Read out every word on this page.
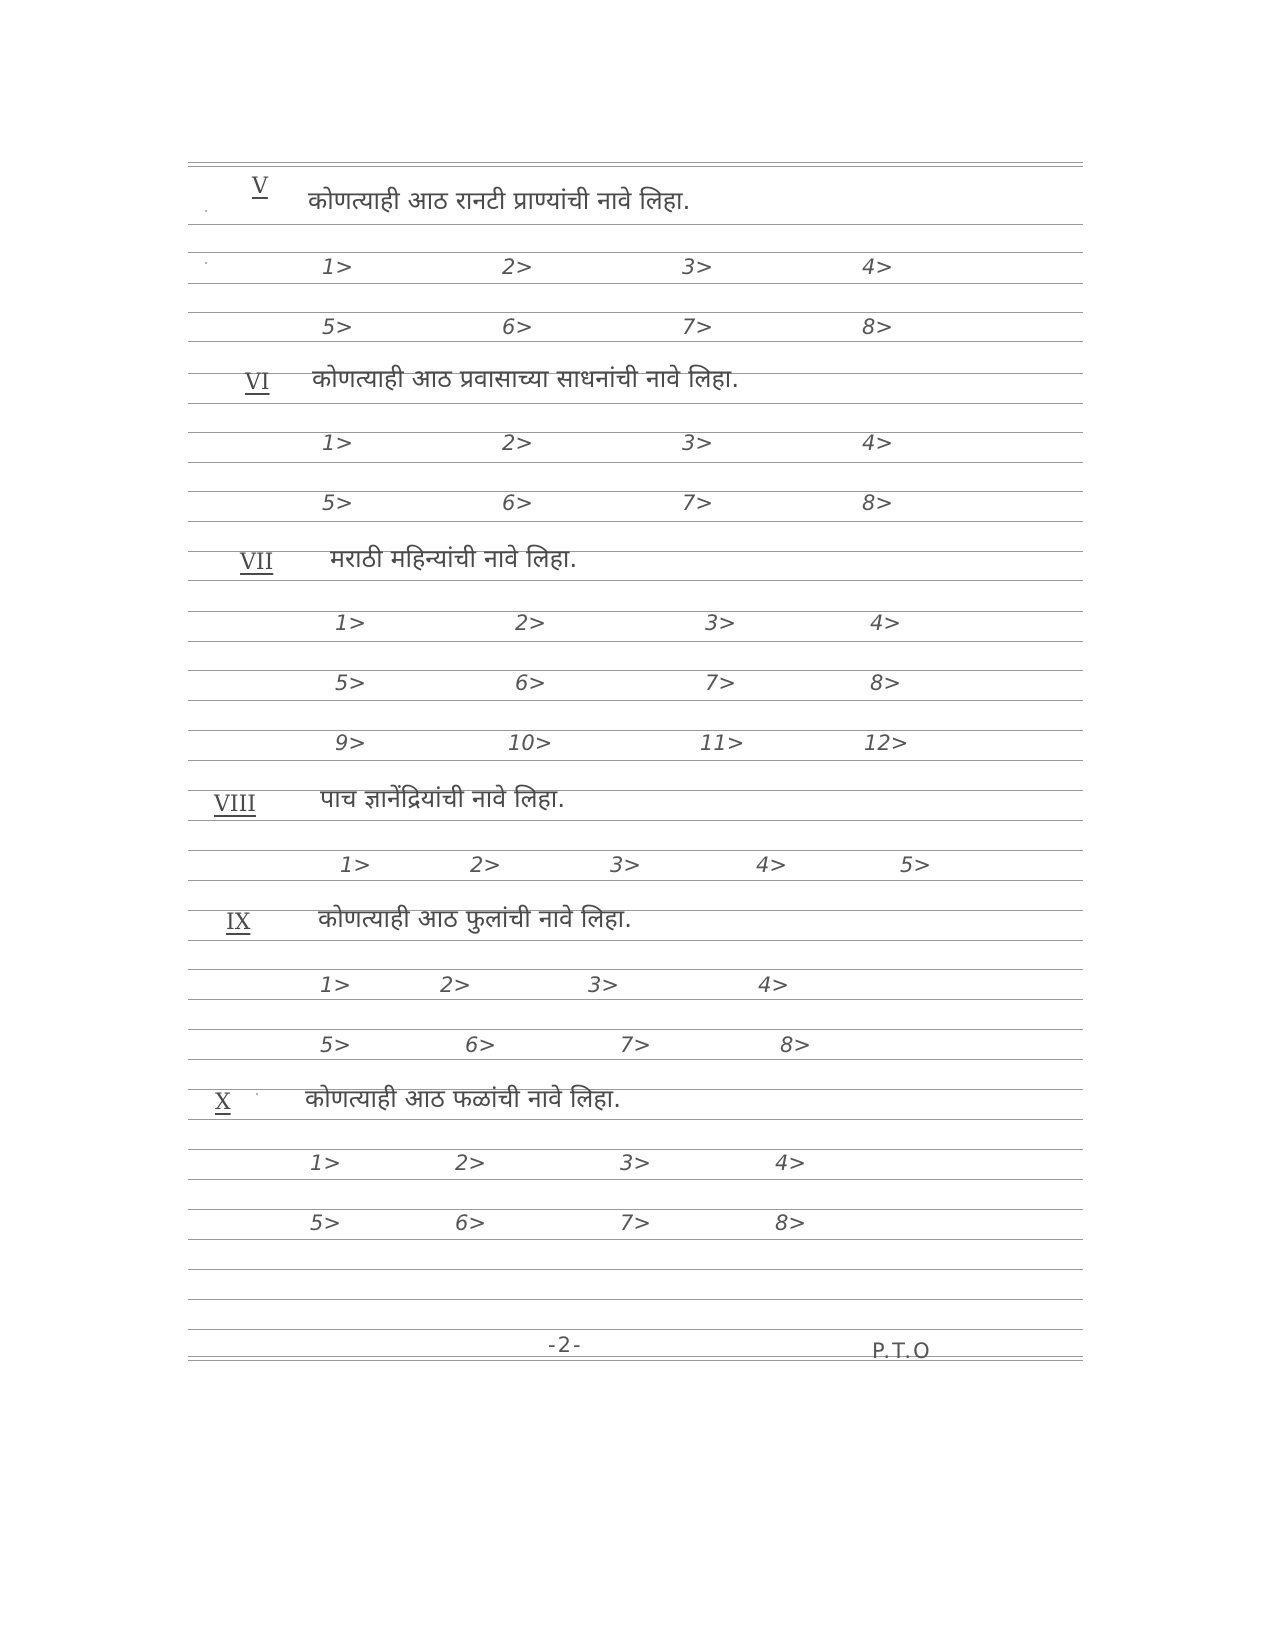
V कोणत्याही आठ रानटी प्राण्यांची नावे लिहा.
1>	2>	3>	4>
5>	6>	7>	8>
VI कोणत्याही आठ प्रवासाच्या साधनांची नावे लिहा.
1>	2>	3>	4>
5>	6>	7>	8>
VII मराठी महिन्यांची नावे लिहा.
1>	2>	3>	4>
5>	6>	7>	8>
9>	10>	11>	12>
VIII	पाच ज्ञानेंद्रियांची नावे लिहा.
1>	2>	3>	4>	5>
IX	कोणत्याही आठ फुलांची नावे लिहा.
1>	2>	3>	4>
5>	6>	7>	8>
X	कोणत्याही आठ फळांची नावे लिहा.
1>	2>	3>	4>
5>	6>	7>	8>
-2-	P.T.O
